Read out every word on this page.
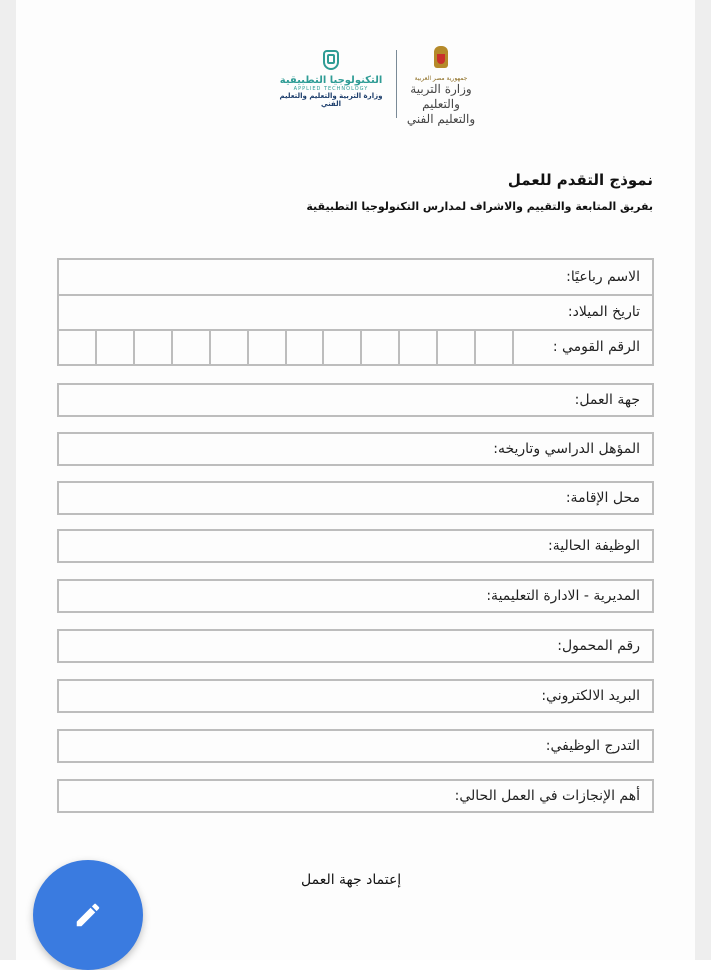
التكنولوجيا التطبيقية
APPLIED TECHNOLOGY
وزارة التربية والتعليم والتعليم الفني
جمهورية مصر العربية
وزارة التربية والتعليم
والتعليم الفني
نموذج التقدم للعمل
بفريق المتابعة والتقييم والاشراف لمدارس التكنولوجيا التطبيقية
الاسم رباعيًا:
تاريخ الميلاد:
الرقم القومي :
جهة العمل:
المؤهل الدراسي وتاريخه:
محل الإقامة:
الوظيفة الحالية:
المديرية - الادارة التعليمية:
رقم المحمول:
البريد الالكتروني:
التدرج الوظيفي:
أهم الإنجازات في العمل الحالي:
إعتماد جهة العمل
